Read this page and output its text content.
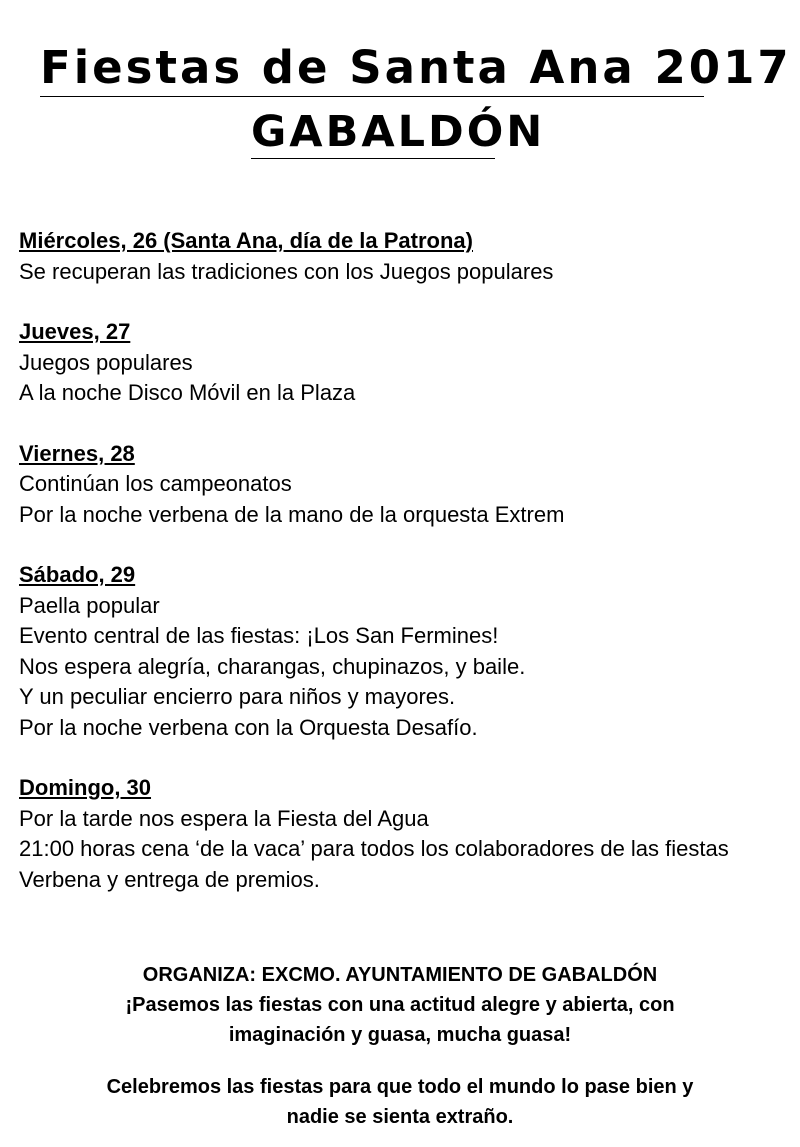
Fiestas de Santa Ana 2017
GABALDÓN
Miércoles, 26 (Santa Ana, día de la Patrona)
Se recuperan las tradiciones con los Juegos populares
Jueves, 27
Juegos populares
A la noche Disco Móvil en la Plaza
Viernes, 28
Continúan los campeonatos
Por la noche verbena de la mano de la orquesta Extrem
Sábado, 29
Paella popular
Evento central de las fiestas: ¡Los San Fermines!
Nos espera alegría, charangas, chupinazos, y baile.
Y un peculiar encierro para niños y mayores.
Por la noche verbena con la Orquesta Desafío.
Domingo, 30
Por la tarde nos espera la Fiesta del Agua
21:00 horas cena ‘de la vaca’ para todos los colaboradores de las fiestas
Verbena y entrega de premios.
ORGANIZA: EXCMO. AYUNTAMIENTO DE GABALDÓN
¡Pasemos las fiestas con una actitud alegre y abierta, con
imaginación y guasa, mucha guasa!
Celebremos las fiestas para que todo el mundo lo pase bien y
nadie se sienta extraño.
